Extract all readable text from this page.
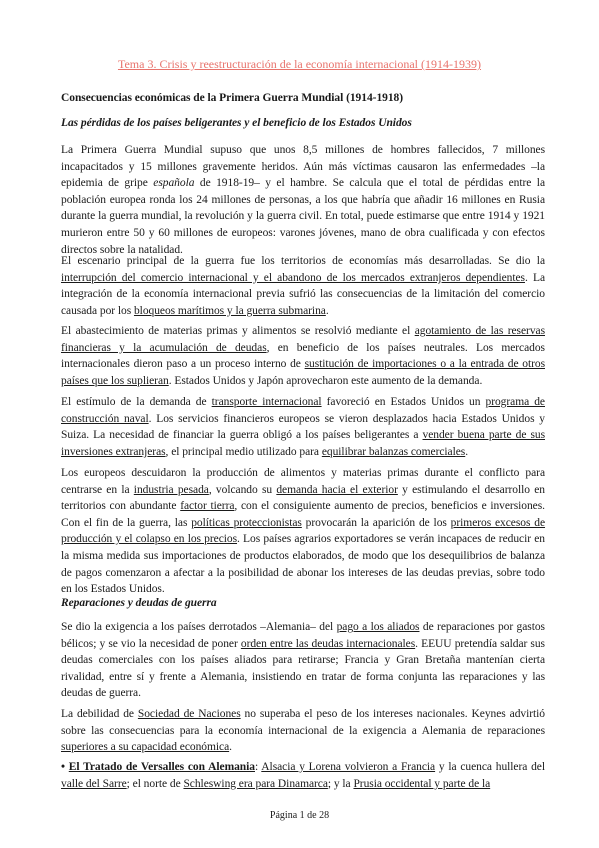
Tema 3. Crisis y reestructuración de la economía internacional (1914-1939)
Consecuencias económicas de la Primera Guerra Mundial (1914-1918)
Las pérdidas de los países beligerantes y el beneficio de los Estados Unidos

La Primera Guerra Mundial supuso que unos 8,5 millones de hombres fallecidos, 7 millones incapacitados y 15 millones gravemente heridos. Aún más víctimas causaron las enfermedades –la epidemia de gripe española de 1918-19– y el hambre. Se calcula que el total de pérdidas entre la población europea ronda los 24 millones de personas, a los que habría que añadir 16 millones en Rusia durante la guerra mundial, la revolución y la guerra civil. En total, puede estimarse que entre 1914 y 1921 murieron entre 50 y 60 millones de europeos: varones jóvenes, mano de obra cualificada y con efectos directos sobre la natalidad.

El escenario principal de la guerra fue los territorios de economías más desarrolladas. Se dio la interrupción del comercio internacional y el abandono de los mercados extranjeros dependientes. La integración de la economía internacional previa sufrió las consecuencias de la limitación del comercio causada por los bloqueos marítimos y la guerra submarina.

El abastecimiento de materias primas y alimentos se resolvió mediante el agotamiento de las reservas financieras y la acumulación de deudas, en beneficio de los países neutrales. Los mercados internacionales dieron paso a un proceso interno de sustitución de importaciones o a la entrada de otros países que los suplieran. Estados Unidos y Japón aprovecharon este aumento de la demanda.

El estímulo de la demanda de transporte internacional favoreció en Estados Unidos un programa de construcción naval. Los servicios financieros europeos se vieron desplazados hacia Estados Unidos y Suiza. La necesidad de financiar la guerra obligó a los países beligerantes a vender buena parte de sus inversiones extranjeras, el principal medio utilizado para equilibrar balanzas comerciales.

Los europeos descuidaron la producción de alimentos y materias primas durante el conflicto para centrarse en la industria pesada, volcando su demanda hacia el exterior y estimulando el desarrollo en territorios con abundante factor tierra, con el consiguiente aumento de precios, beneficios e inversiones. Con el fin de la guerra, las políticas proteccionistas provocarán la aparición de los primeros excesos de producción y el colapso en los precios. Los países agrarios exportadores se verán incapaces de reducir en la misma medida sus importaciones de productos elaborados, de modo que los desequilibrios de balanza de pagos comenzaron a afectar a la posibilidad de abonar los intereses de las deudas previas, sobre todo en los Estados Unidos.

Reparaciones y deudas de guerra

Se dio la exigencia a los países derrotados –Alemania– del pago a los aliados de reparaciones por gastos bélicos; y se vio la necesidad de poner orden entre las deudas internacionales. EEUU pretendía saldar sus deudas comerciales con los países aliados para retirarse; Francia y Gran Bretaña mantenían cierta rivalidad, entre sí y frente a Alemania, insistiendo en tratar de forma conjunta las reparaciones y las deudas de guerra.

La debilidad de Sociedad de Naciones no superaba el peso de los intereses nacionales. Keynes advirtió sobre las consecuencias para la economía internacional de la exigencia a Alemania de reparaciones superiores a su capacidad económica.

• El Tratado de Versalles con Alemania: Alsacia y Lorena volvieron a Francia y la cuenca hullera del valle del Sarre; el norte de Schleswing era para Dinamarca; y la Prusia occidental y parte de la

Página 1 de 28
